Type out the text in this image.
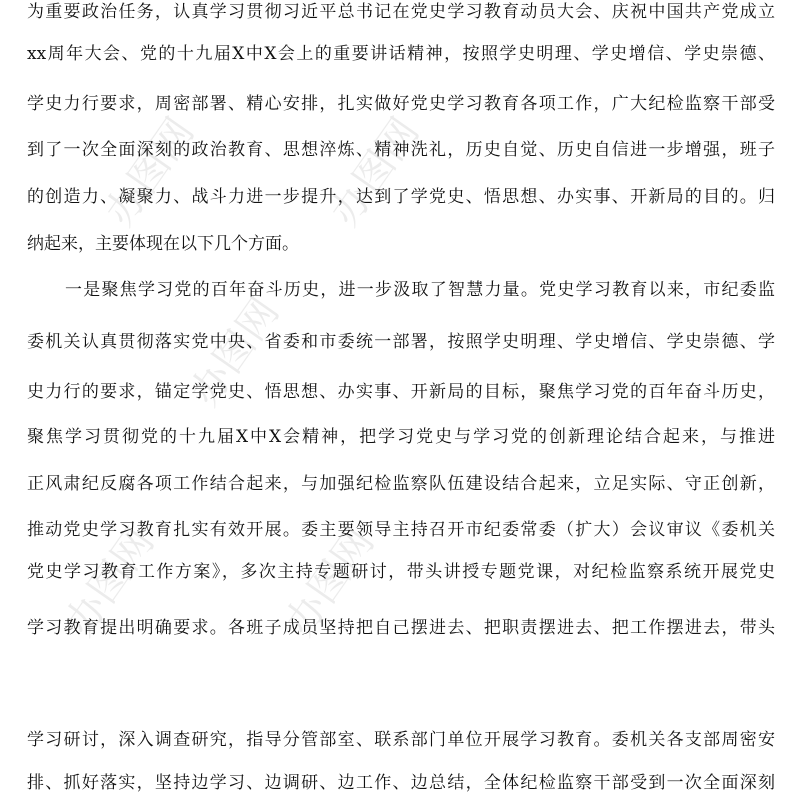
办图网	办图网
办图网
办图网	办图网
为重要政治任务，认真学习贯彻习近平总书记在党史学习教育动员大会、庆祝中国共产党成立
xx周年大会、党的十九届X中X会上的重要讲话精神，按照学史明理、学史增信、学史崇德、
学史力行要求，周密部署、精心安排，扎实做好党史学习教育各项工作，广大纪检监察干部受
到了一次全面深刻的政治教育、思想淬炼、精神洗礼，历史自觉、历史自信进一步增强，班子
的创造力、凝聚力、战斗力进一步提升，达到了学党史、悟思想、办实事、开新局的目的。归
纳起来，主要体现在以下几个方面。
一是聚焦学习党的百年奋斗历史，进一步汲取了智慧力量。党史学习教育以来，市纪委监
委机关认真贯彻落实党中央、省委和市委统一部署，按照学史明理、学史增信、学史崇德、学
史力行的要求，锚定学党史、悟思想、办实事、开新局的目标，聚焦学习党的百年奋斗历史，
聚焦学习贯彻党的十九届X中X会精神，把学习党史与学习党的创新理论结合起来，与推进
正风肃纪反腐各项工作结合起来，与加强纪检监察队伍建设结合起来，立足实际、守正创新，
推动党史学习教育扎实有效开展。委主要领导主持召开市纪委常委（扩大）会议审议《委机关
党史学习教育工作方案》，多次主持专题研讨，带头讲授专题党课，对纪检监察系统开展党史
学习教育提出明确要求。各班子成员坚持把自己摆进去、把职责摆进去、把工作摆进去，带头
学习研讨，深入调查研究，指导分管部室、联系部门单位开展学习教育。委机关各支部周密安
排、抓好落实，坚持边学习、边调研、边工作、边总结，全体纪检监察干部受到一次全面深刻
